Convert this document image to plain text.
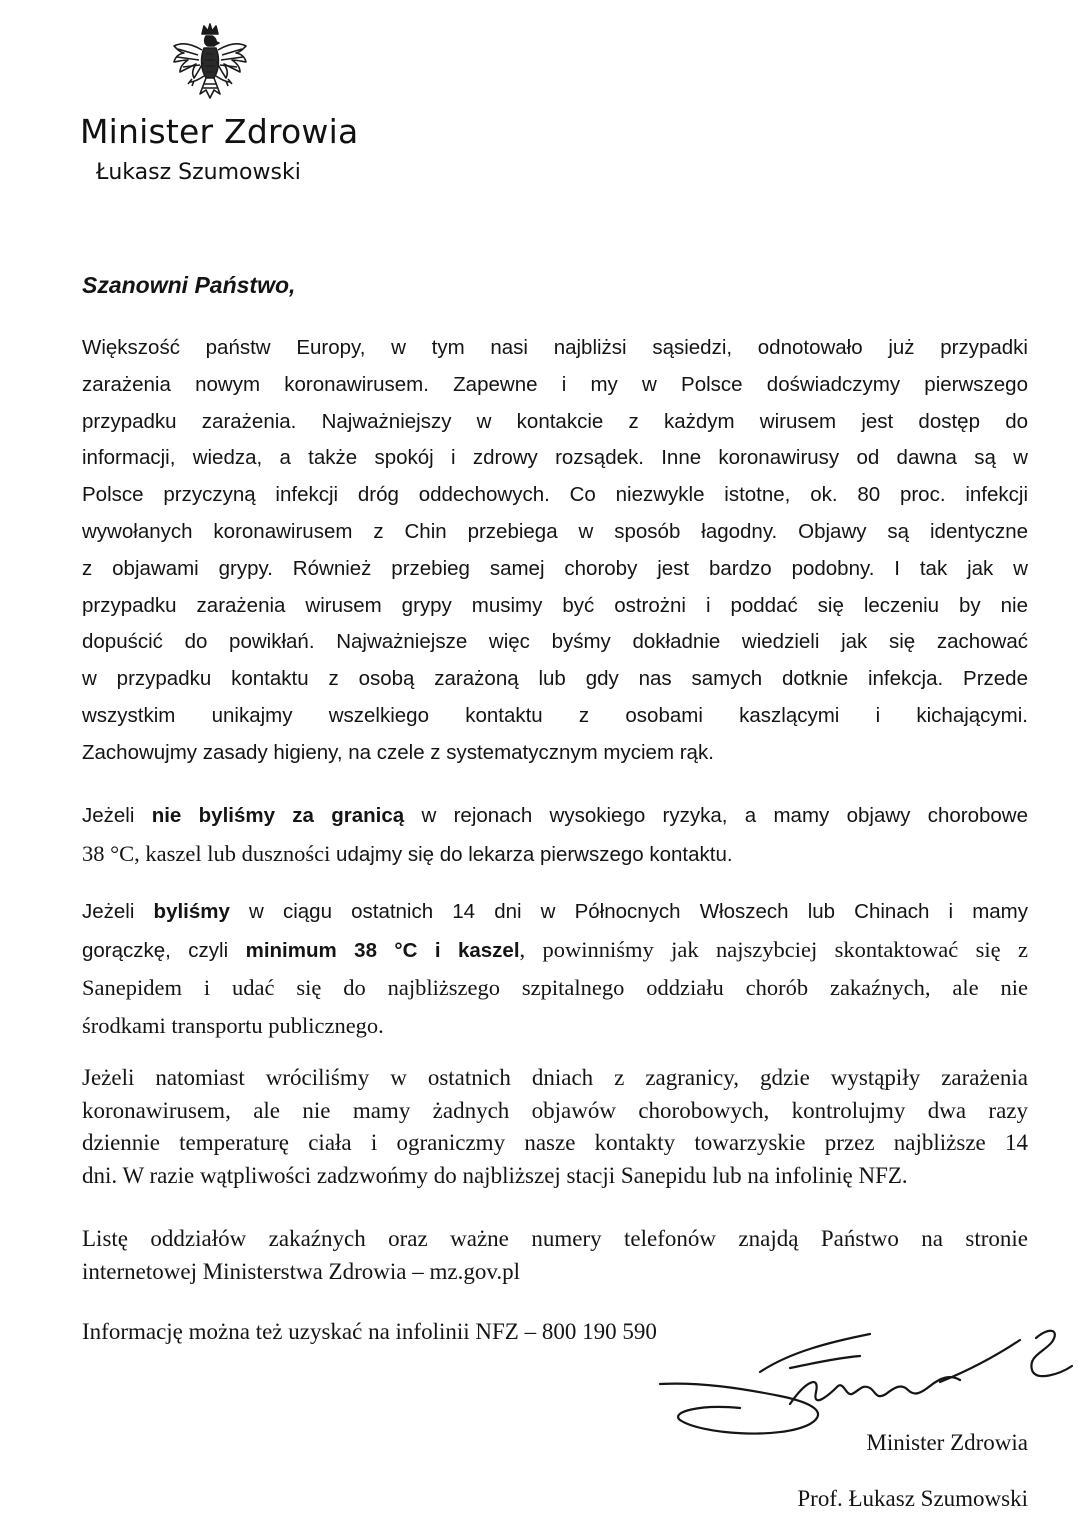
Minister Zdrowia
Łukasz Szumowski
Szanowni Państwo,
Większość państw Europy, w tym nasi najbliżsi sąsiedzi, odnotowało już przypadki
zarażenia nowym koronawirusem. Zapewne i my w Polsce doświadczymy pierwszego
przypadku zarażenia. Najważniejszy w kontakcie z każdym wirusem jest dostęp do
informacji, wiedza, a także spokój i zdrowy rozsądek. Inne koronawirusy od dawna są w
Polsce przyczyną infekcji dróg oddechowych. Co niezwykle istotne, ok. 80 proc. infekcji
wywołanych koronawirusem z Chin przebiega w sposób łagodny. Objawy są identyczne
z objawami grypy. Również przebieg samej choroby jest bardzo podobny. I tak jak w
przypadku zarażenia wirusem grypy musimy być ostrożni i poddać się leczeniu by nie
dopuścić do powikłań. Najważniejsze więc byśmy dokładnie wiedzieli jak się zachować
w przypadku kontaktu z osobą zarażoną lub gdy nas samych dotknie infekcja. Przede
wszystkim unikajmy wszelkiego kontaktu z osobami kaszlącymi i kichającymi.
Zachowujmy zasady higieny, na czele z systematycznym myciem rąk.
Jeżeli nie byliśmy za granicą w rejonach wysokiego ryzyka, a mamy objawy chorobowe
38 °C, kaszel lub duszności udajmy się do lekarza pierwszego kontaktu.
Jeżeli byliśmy w ciągu ostatnich 14 dni w Północnych Włoszech lub Chinach i mamy
gorączkę, czyli minimum 38 °C i kaszel, powinniśmy jak najszybciej skontaktować się z
Sanepidem i udać się do najbliższego szpitalnego oddziału chorób zakaźnych, ale nie
środkami transportu publicznego.
Jeżeli natomiast wróciliśmy w ostatnich dniach z zagranicy, gdzie wystąpiły zarażenia
koronawirusem, ale nie mamy żadnych objawów chorobowych, kontrolujmy dwa razy
dziennie temperaturę ciała i ograniczmy nasze kontakty towarzyskie przez najbliższe 14
dni. W razie wątpliwości zadzwońmy do najbliższej stacji Sanepidu lub na infolinię NFZ.
Listę oddziałów zakaźnych oraz ważne numery telefonów znajdą Państwo na stronie
internetowej Ministerstwa Zdrowia – mz.gov.pl
Informację można też uzyskać na infolinii NFZ – 800 190 590
Minister Zdrowia
Prof. Łukasz Szumowski
